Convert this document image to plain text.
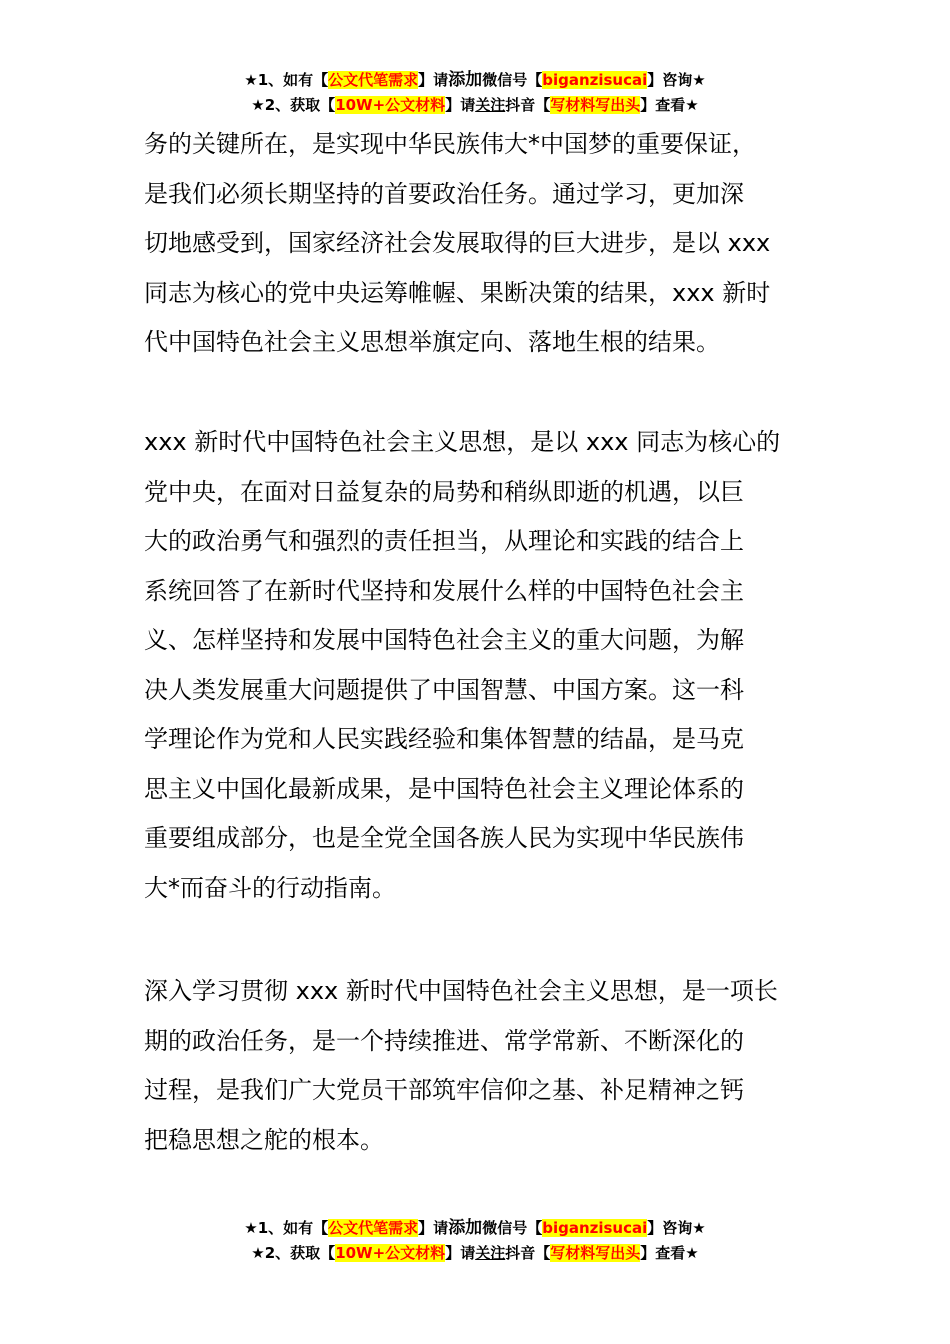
★1、如有【公文代笔需求】请添加微信号【biganzisucai】咨询★
★2、获取【10W+公文材料】请关注抖音【写材料写出头】查看★
务的关键所在，是实现中华民族伟大*中国梦的重要保证，
是我们必须长期坚持的首要政治任务。通过学习，更加深
切地感受到，国家经济社会发展取得的巨大进步，是以 xxx
同志为核心的党中央运筹帷幄、果断决策的结果，xxx 新时
代中国特色社会主义思想举旗定向、落地生根的结果。
xxx 新时代中国特色社会主义思想，是以 xxx 同志为核心的
党中央，在面对日益复杂的局势和稍纵即逝的机遇，以巨
大的政治勇气和强烈的责任担当，从理论和实践的结合上
系统回答了在新时代坚持和发展什么样的中国特色社会主
义、怎样坚持和发展中国特色社会主义的重大问题，为解
决人类发展重大问题提供了中国智慧、中国方案。这一科
学理论作为党和人民实践经验和集体智慧的结晶，是马克
思主义中国化最新成果，是中国特色社会主义理论体系的
重要组成部分，也是全党全国各族人民为实现中华民族伟
大*而奋斗的行动指南。
深入学习贯彻 xxx 新时代中国特色社会主义思想，是一项长
期的政治任务，是一个持续推进、常学常新、不断深化的
过程，是我们广大党员干部筑牢信仰之基、补足精神之钙
把稳思想之舵的根本。
★1、如有【公文代笔需求】请添加微信号【biganzisucai】咨询★
★2、获取【10W+公文材料】请关注抖音【写材料写出头】查看★
